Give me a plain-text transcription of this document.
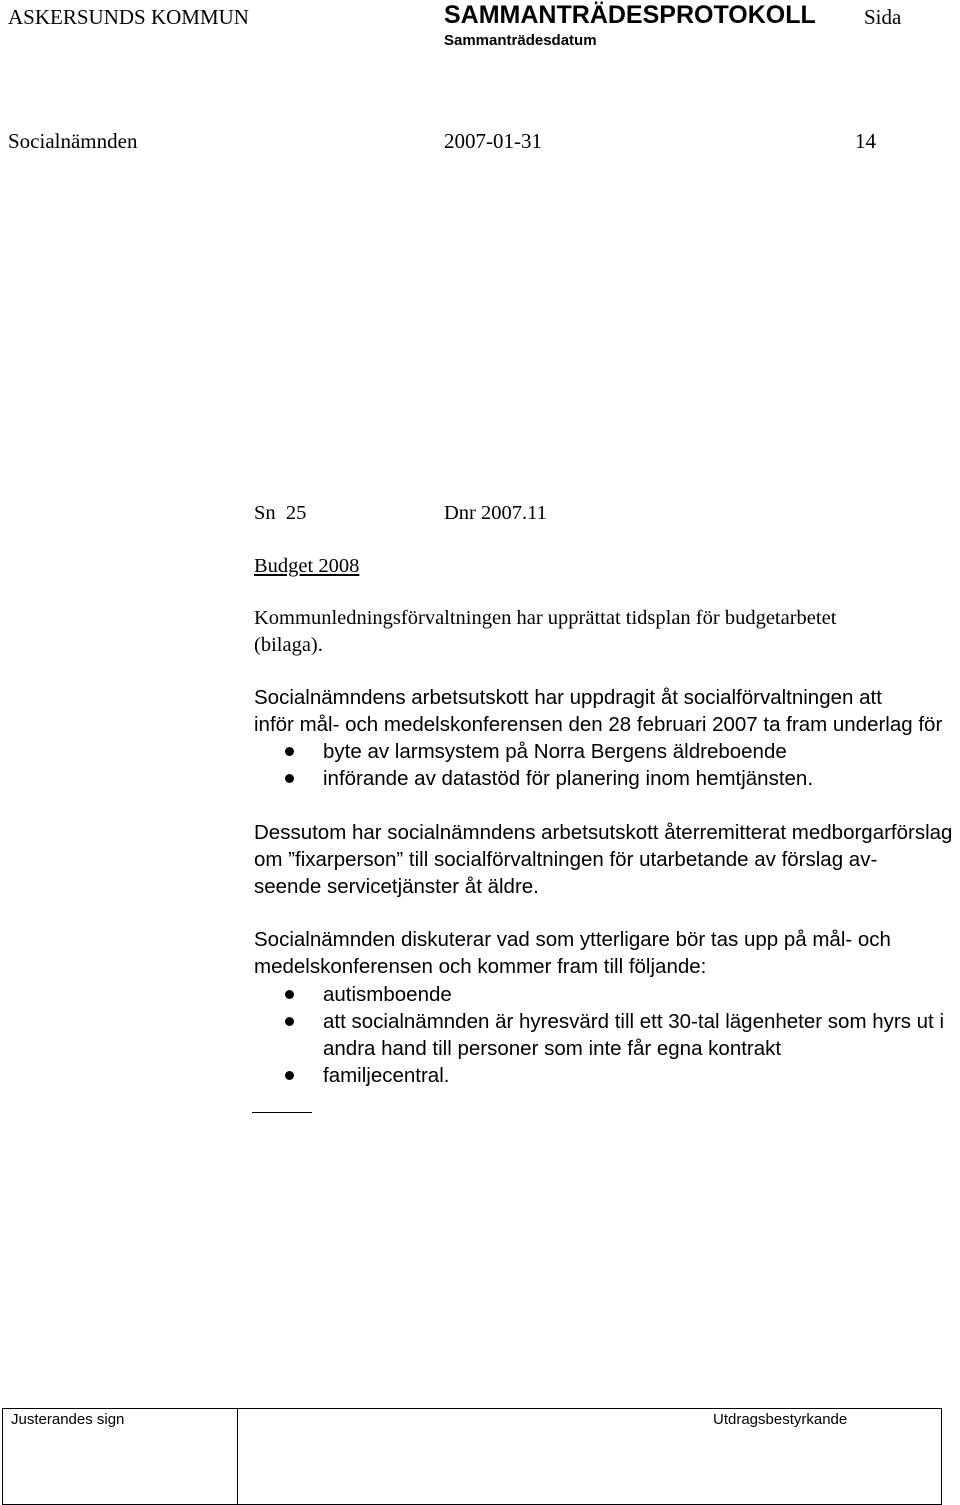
ASKERSUNDS KOMMUN	SAMMANTRÄDESPROTOKOLL Sida
Sammanträdesdatum
Socialnämnden	2007-01-31	14
Sn  25	Dnr 2007.11
Budget 2008
Kommunledningsförvaltningen har upprättat tidsplan för budgetarbetet
(bilaga).
Socialnämndens arbetsutskott har uppdragit åt socialförvaltningen att
inför mål- och medelskonferensen den 28 februari 2007 ta fram underlag för
byte av larmsystem på Norra Bergens äldreboende
införande av datastöd för planering inom hemtjänsten.
Dessutom har socialnämndens arbetsutskott återremitterat medborgarförslag
om ”fixarperson” till socialförvaltningen för utarbetande av förslag av-
seende servicetjänster åt äldre.
Socialnämnden diskuterar vad som ytterligare bör tas upp på mål- och
medelskonferensen och kommer fram till följande:
autismboende
att socialnämnden är hyresvärd till ett 30-tal lägenheter som hyrs ut i
andra hand till personer som inte får egna kontrakt
familjecentral.
Justerandes sign	Utdragsbestyrkande
